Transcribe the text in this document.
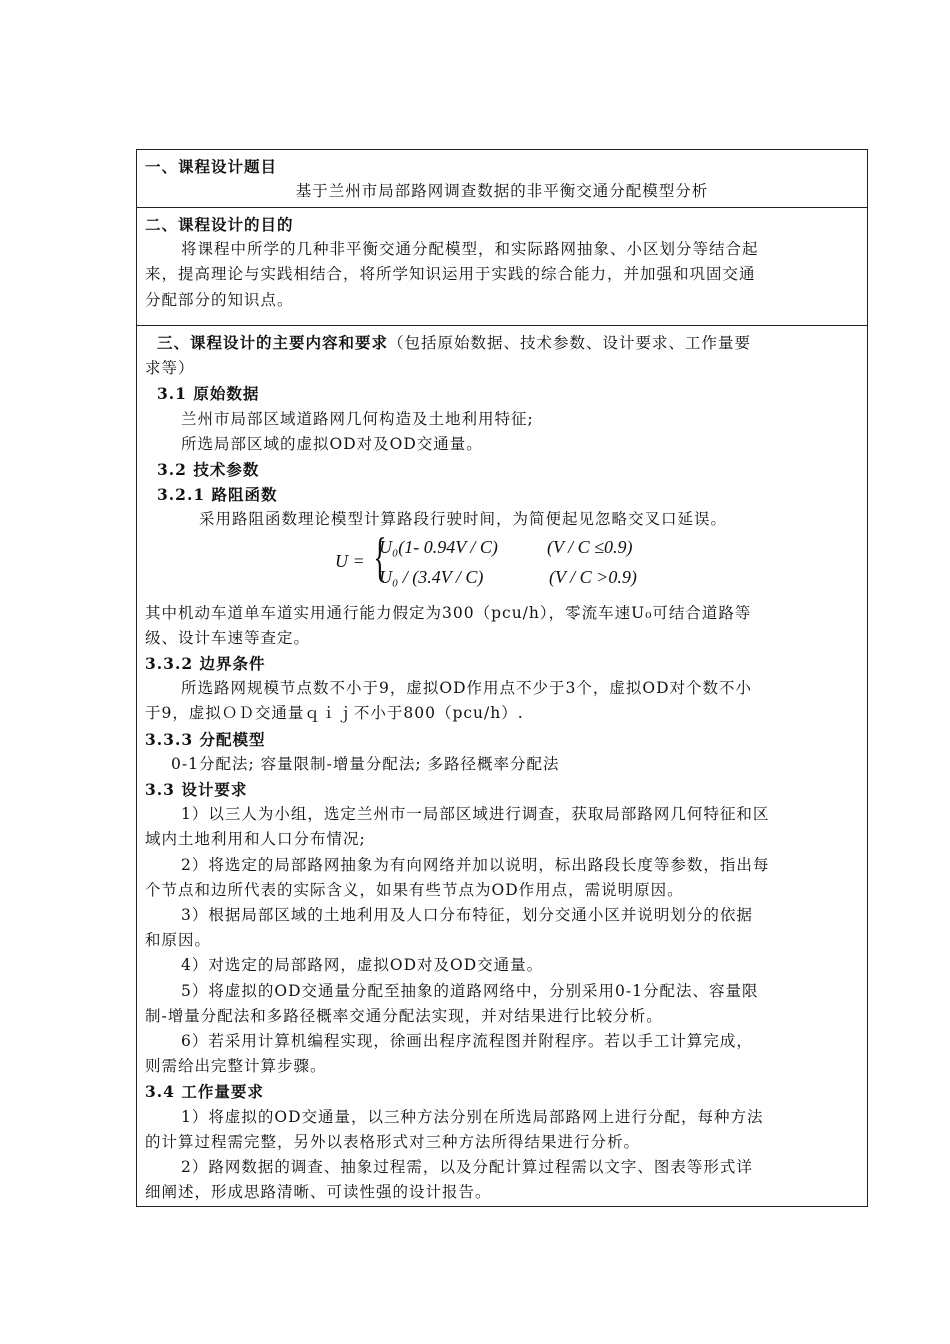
一、课程设计题目
基于兰州市局部路网调查数据的非平衡交通分配模型分析
二、课程设计的目的
将课程中所学的几种非平衡交通分配模型，和实际路网抽象、小区划分等结合起
来，提高理论与实践相结合，将所学知识运用于实践的综合能力，并加强和巩固交通
分配部分的知识点。
三、课程设计的主要内容和要求（包括原始数据、技术参数、设计要求、工作量要
求等）
3.1 原始数据
兰州市局部区域道路网几何构造及土地利用特征;
所选局部区域的虚拟OD对及OD交通量。
3.2 技术参数
3.2.1 路阻函数
采用路阻函数理论模型计算路段行驶时间，为简便起见忽略交叉口延误。
U = {
U₀(1- 0.94V / C)	(V / C ≤0.9)
U₀ / (3.4V / C)	(V / C >0.9)
其中机动车道单车道实用通行能力假定为300（pcu/h），零流车速U₀可结合道路等
级、设计车速等查定。
3.3.2 边界条件
所选路网规模节点数不小于9，虚拟OD作用点不少于3个，虚拟OD对个数不小
于9，虚拟ＯＤ交通量ｑｉｊ不小于800（pcu/h）.
3.3.3 分配模型
0-1分配法; 容量限制-增量分配法; 多路径概率分配法
3.3 设计要求
1）以三人为小组，选定兰州市一局部区域进行调查，获取局部路网几何特征和区
域内土地利用和人口分布情况;
2）将选定的局部路网抽象为有向网络并加以说明，标出路段长度等参数，指出每
个节点和边所代表的实际含义，如果有些节点为OD作用点，需说明原因。
3）根据局部区域的土地利用及人口分布特征，划分交通小区并说明划分的依据
和原因。
4）对选定的局部路网，虚拟OD对及OD交通量。
5）将虚拟的OD交通量分配至抽象的道路网络中，分别采用0-1分配法、容量限
制-增量分配法和多路径概率交通分配法实现，并对结果进行比较分析。
6）若采用计算机编程实现，徐画出程序流程图并附程序。若以手工计算完成，
则需给出完整计算步骤。
3.4 工作量要求
1）将虚拟的OD交通量，以三种方法分别在所选局部路网上进行分配，每种方法
的计算过程需完整，另外以表格形式对三种方法所得结果进行分析。
2）路网数据的调查、抽象过程需，以及分配计算过程需以文字、图表等形式详
细阐述，形成思路清晰、可读性强的设计报告。
